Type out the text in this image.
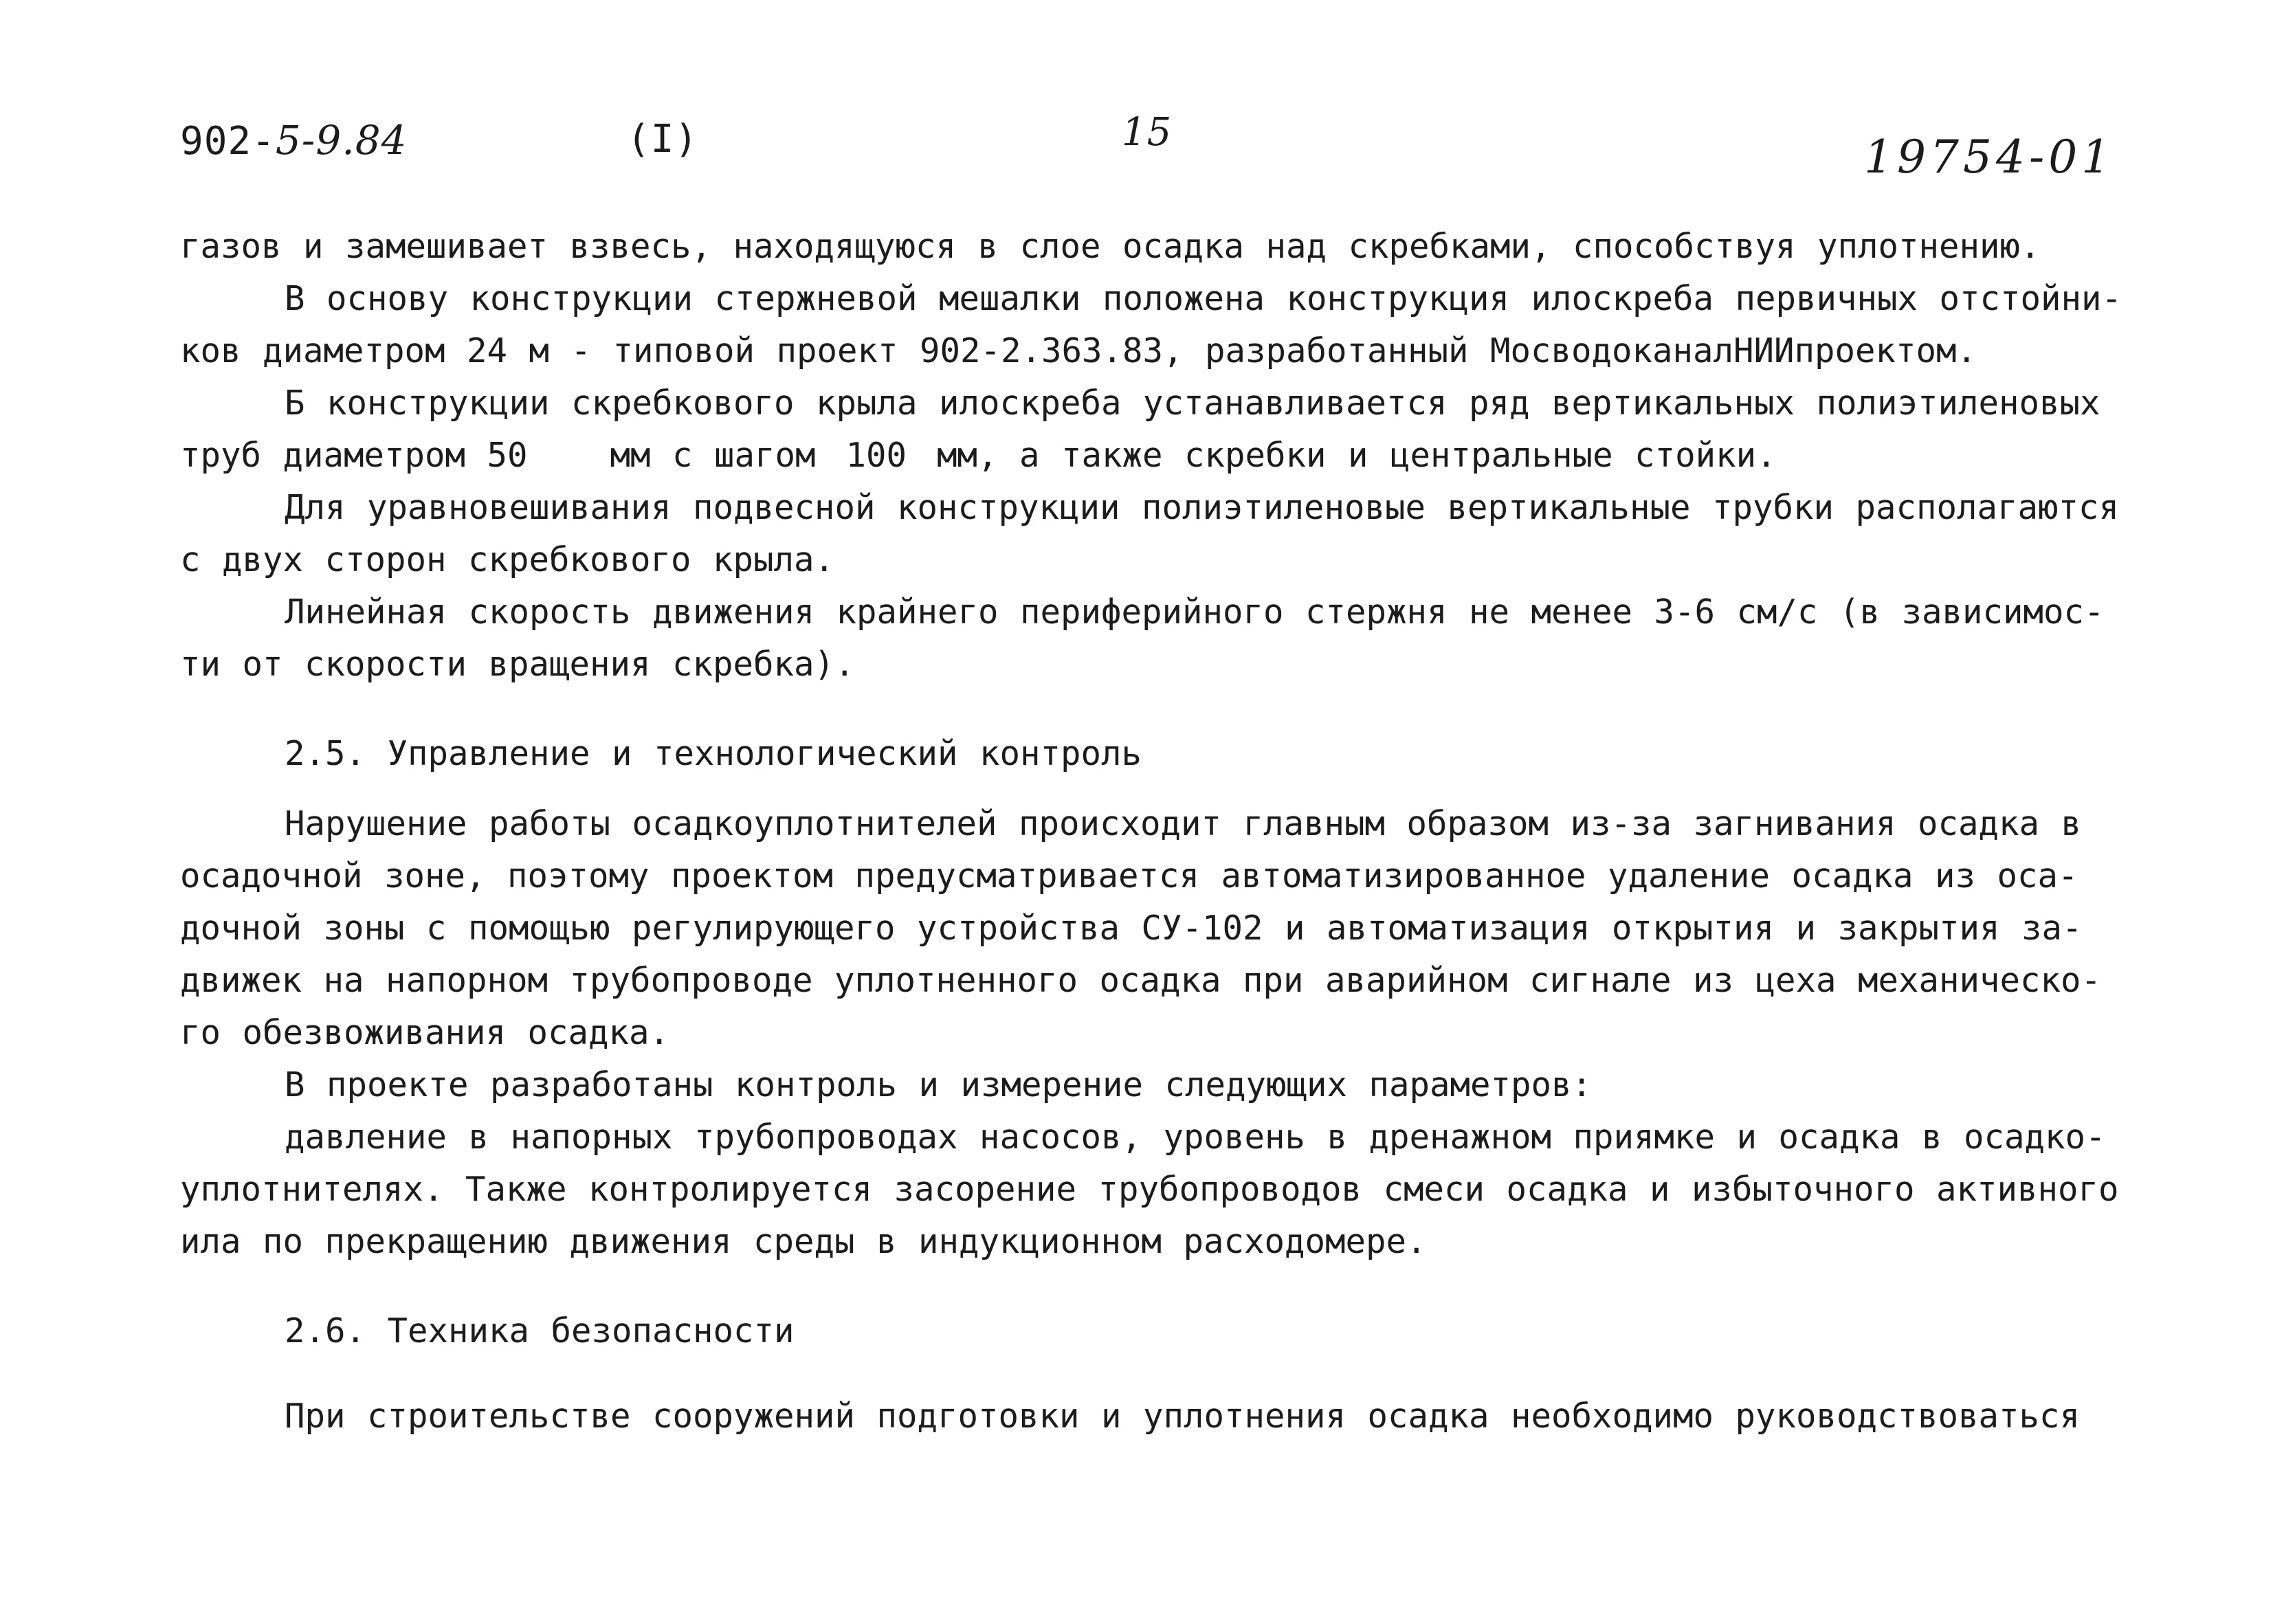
902-5-9.84	(I)	15	19754-01
газов и замешивает взвесь, находящуюся в слое осадка над скребками, способствуя уплотнению.
В основу конструкции стержневой мешалки положена конструкция илоскреба первичных отстойни-
ков диаметром 24 м - типовой проект 902-2.363.83, разработанный МосводоканалНИИпроектом.
Б конструкции скребкового крыла илоскреба устанавливается ряд вертикальных полиэтиленовых
труб диаметром 50 мм с шагом 100 мм, а также скребки и центральные стойки.
Для уравновешивания подвесной конструкции полиэтиленовые вертикальные трубки располагаются
с двух сторон скребкового крыла.
Линейная скорость движения крайнего периферийного стержня не менее 3-6 см/с (в зависимос-
ти от скорости вращения скребка).
2.5. Управление и технологический контроль
Нарушение работы осадкоуплотнителей происходит главным образом из-за загнивания осадка в
осадочной зоне, поэтому проектом предусматривается автоматизированное удаление осадка из оса-
дочной зоны с помощью регулирующего устройства СУ-102 и автоматизация открытия и закрытия за-
движек на напорном трубопроводе уплотненного осадка при аварийном сигнале из цеха механическо-
го обезвоживания осадка.
В проекте разработаны контроль и измерение следующих параметров:
давление в напорных трубопроводах насосов, уровень в дренажном приямке и осадка в осадко-
уплотнителях. Также контролируется засорение трубопроводов смеси осадка и избыточного активного
ила по прекращению движения среды в индукционном расходомере.
2.6. Техника безопасности
При строительстве сооружений подготовки и уплотнения осадка необходимо руководствоваться
